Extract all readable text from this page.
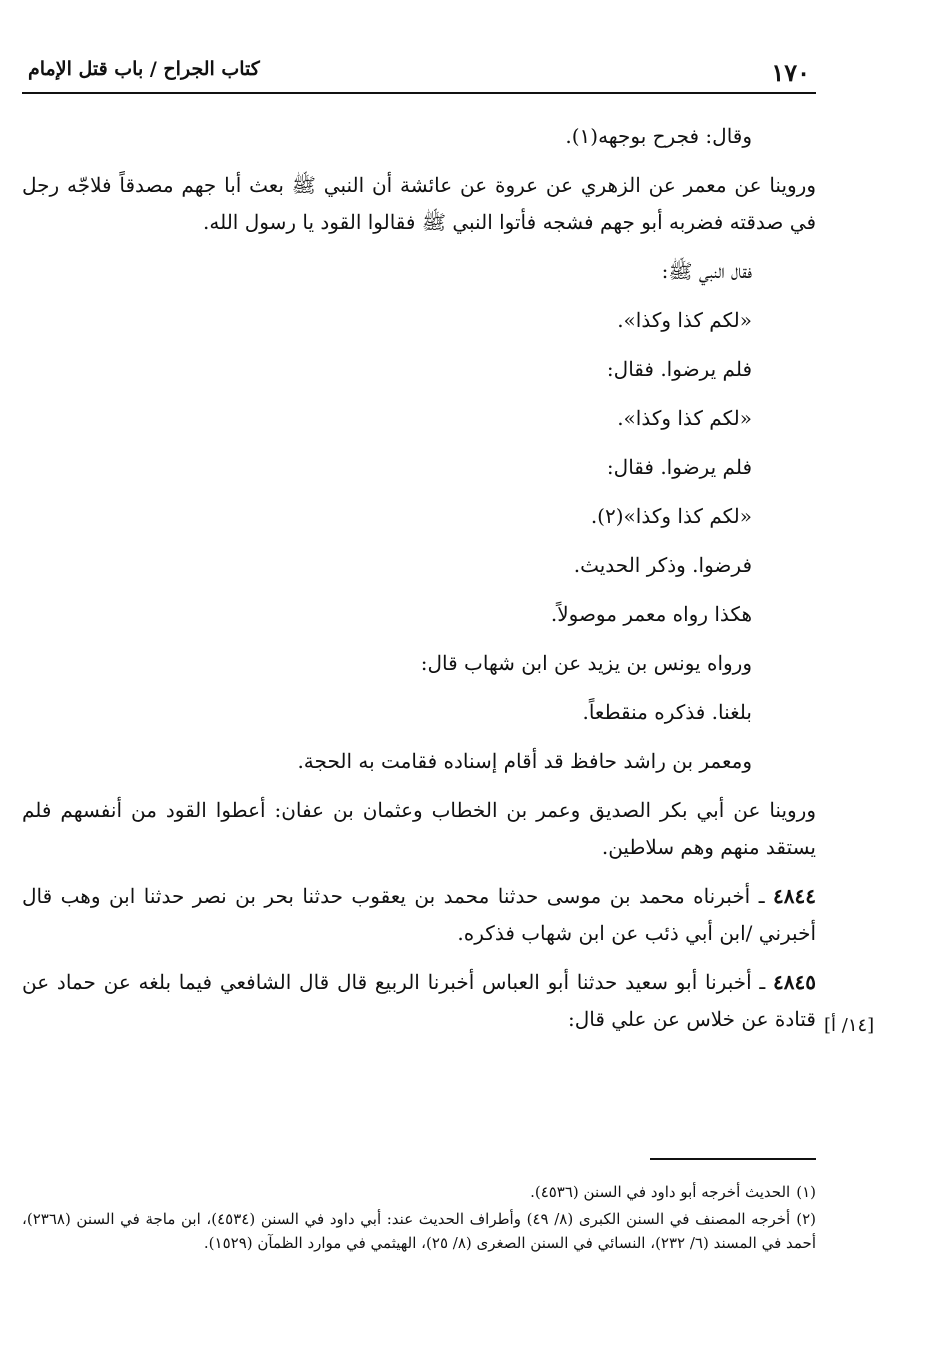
١٧٠
كتاب الجراح / باب قتل الإمام

وقال: فجرح بوجهه(١).

وروينا عن معمر عن الزهري عن عروة عن عائشة أن النبي ﷺ بعث أبا جهم مصدقاً فلاجّه رجل في صدقته فضربه أبو جهم فشجه فأتوا النبي ﷺ فقالوا القود يا رسول الله.

فقال النبي ﷺ:

«لكم كذا وكذا».

فلم يرضوا. فقال:

«لكم كذا وكذا».

فلم يرضوا. فقال:

«لكم كذا وكذا»(٢).

فرضوا. وذكر الحديث.

هكذا رواه معمر موصولاً.

ورواه يونس بن يزيد عن ابن شهاب قال:

بلغنا. فذكره منقطعاً.

ومعمر بن راشد حافظ قد أقام إسناده فقامت به الحجة.

وروينا عن أبي بكر الصديق وعمر بن الخطاب وعثمان بن عفان: أعطوا القود من أنفسهم فلم يستقد منهم وهم سلاطين.

٤٨٤٤ ـ أخبرناه محمد بن موسى حدثنا محمد بن يعقوب حدثنا بحر بن نصر حدثنا ابن وهب قال أخبرني /ابن أبي ذئب عن ابن شهاب فذكره.

٤٨٤٥ ـ أخبرنا أبو سعيد حدثنا أبو العباس أخبرنا الربيع قال قال الشافعي فيما بلغه عن حماد عن قتادة عن خلاس عن علي قال: [١٤/ أ]

(١)الحديث أخرجه أبو داود في السنن (٤٥٣٦).

(٢)أخرجه المصنف في السنن الكبرى (٨/ ٤٩) وأطراف الحديث عند: أبي داود في السنن (٤٥٣٤)، ابن ماجة في السنن (٢٣٦٨)، أحمد في المسند (٦/ ٢٣٢)، النسائي في السنن الصغرى (٨/ ٢٥)، الهيثمي في موارد الظمآن (١٥٢٩).
